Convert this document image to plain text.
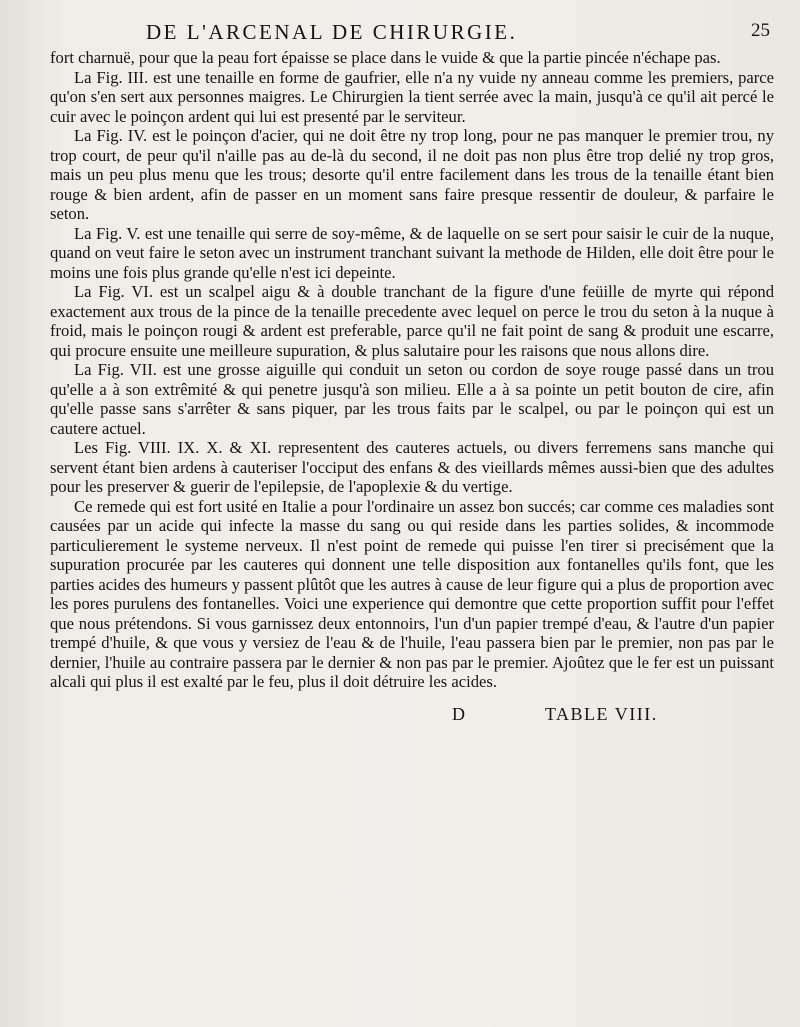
DE L'ARCENAL DE CHIRURGIE.	25

fort charnuë, pour que la peau fort épaisse se place dans le vuide & que la partie pincée n'échape pas.

La Fig. III. est une tenaille en forme de gaufrier, elle n'a ny vuide ny anneau comme les premiers, parce qu'on s'en sert aux personnes maigres. Le Chirurgien la tient serrée avec la main, jusqu'à ce qu'il ait percé le cuir avec le poinçon ardent qui lui est presenté par le serviteur.

La Fig. IV. est le poinçon d'acier, qui ne doit être ny trop long, pour ne pas manquer le premier trou, ny trop court, de peur qu'il n'aille pas au de-là du second, il ne doit pas non plus être trop delié ny trop gros, mais un peu plus menu que les trous; desorte qu'il entre facilement dans les trous de la tenaille étant bien rouge & bien ardent, afin de passer en un moment sans faire presque ressentir de douleur, & parfaire le seton.

La Fig. V. est une tenaille qui serre de soy-même, & de laquelle on se sert pour saisir le cuir de la nuque, quand on veut faire le seton avec un instrument tranchant suivant la methode de Hilden, elle doit être pour le moins une fois plus grande qu'elle n'est ici depeinte.

La Fig. VI. est un scalpel aigu & à double tranchant de la figure d'une feüille de myrte qui répond exactement aux trous de la pince de la tenaille precedente avec lequel on perce le trou du seton à la nuque à froid, mais le poinçon rougi & ardent est preferable, parce qu'il ne fait point de sang & produit une escarre, qui procure ensuite une meilleure supuration, & plus salutaire pour les raisons que nous allons dire.

La Fig. VII. est une grosse aiguille qui conduit un seton ou cordon de soye rouge passé dans un trou qu'elle a à son extrêmité & qui penetre jusqu'à son milieu. Elle a à sa pointe un petit bouton de cire, afin qu'elle passe sans s'arrêter & sans piquer, par les trous faits par le scalpel, ou par le poinçon qui est un cautere actuel.

Les Fig. VIII. IX. X. & XI. representent des cauteres actuels, ou divers ferremens sans manche qui servent étant bien ardens à cauteriser l'occiput des enfans & des vieillards mêmes aussi-bien que des adultes pour les preserver & guerir de l'epilepsie, de l'apoplexie & du vertige.

Ce remede qui est fort usité en Italie a pour l'ordinaire un assez bon succés; car comme ces maladies sont causées par un acide qui infecte la masse du sang ou qui reside dans les parties solides, & incommode particulierement le systeme nerveux. Il n'est point de remede qui puisse l'en tirer si precisément que la supuration procurée par les cauteres qui donnent une telle disposition aux fontanelles qu'ils font, que les parties acides des humeurs y passent plûtôt que les autres à cause de leur figure qui a plus de proportion avec les pores purulens des fontanelles. Voici une experience qui demontre que cette proportion suffit pour l'effet que nous prétendons. Si vous garnissez deux entonnoirs, l'un d'un papier trempé d'eau, & l'autre d'un papier trempé d'huile, & que vous y versiez de l'eau & de l'huile, l'eau passera bien par le premier, non pas par le dernier, l'huile au contraire passera par le dernier & non pas par le premier. Ajoûtez que le fer est un puissant alcali qui plus il est exalté par le feu, plus il doit détruire les acides.

D	TABLE VIII.
